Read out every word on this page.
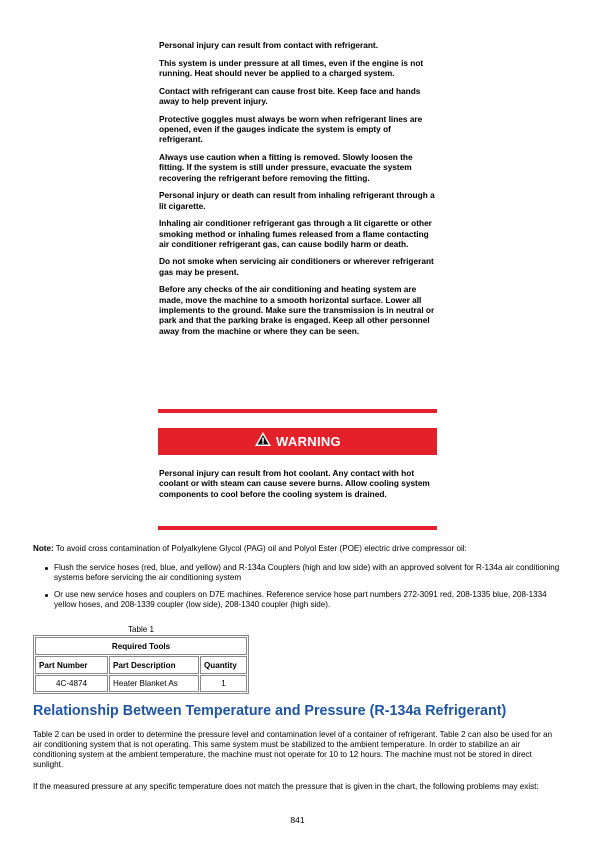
Personal injury can result from contact with refrigerant.

This system is under pressure at all times, even if the engine is not running. Heat should never be applied to a charged system.

Contact with refrigerant can cause frost bite. Keep face and hands away to help prevent injury.

Protective goggles must always be worn when refrigerant lines are opened, even if the gauges indicate the system is empty of refrigerant.

Always use caution when a fitting is removed. Slowly loosen the fitting. If the system is still under pressure, evacuate the system recovering the refrigerant before removing the fitting.

Personal injury or death can result from inhaling refrigerant through a lit cigarette.

Inhaling air conditioner refrigerant gas through a lit cigarette or other smoking method or inhaling fumes released from a flame contacting air conditioner refrigerant gas, can cause bodily harm or death.

Do not smoke when servicing air conditioners or wherever refrigerant gas may be present.

Before any checks of the air conditioning and heating system are made, move the machine to a smooth horizontal surface. Lower all implements to the ground. Make sure the transmission is in neutral or park and that the parking brake is engaged. Keep all other personnel away from the machine or where they can be seen.

WARNING

Personal injury can result from hot coolant. Any contact with hot coolant or with steam can cause severe burns. Allow cooling system components to cool before the cooling system is drained.

Note: To avoid cross contamination of Polyalkylene Glycol (PAG) oil and Polyol Ester (POE) electric drive compressor oil:
Flush the service hoses (red, blue, and yellow) and R-134a Couplers (high and low side) with an approved solvent for R-134a air conditioning systems before servicing the air conditioning system
Or use new service hoses and couplers on D7E machines. Reference service hose part numbers 272-3091 red, 208-1335 blue, 208-1334 yellow hoses, and 208-1339 coupler (low side), 208-1340 coupler (high side).
Table 1
Required Tools		
Part Number	Part Description	Quantity
4C-4874	Heater Blanket As	1
Relationship Between Temperature and Pressure (R-134a Refrigerant)

Table 2 can be used in order to determine the pressure level and contamination level of a container of refrigerant. Table 2 can also be used for an air conditioning system that is not operating. This same system must be stabilized to the ambient temperature. In order to stabilize an air conditioning system at the ambient temperature, the machine must not operate for 10 to 12 hours. The machine must not be stored in direct sunlight.

If the measured pressure at any specific temperature does not match the pressure that is given in the chart, the following problems may exist:

841
